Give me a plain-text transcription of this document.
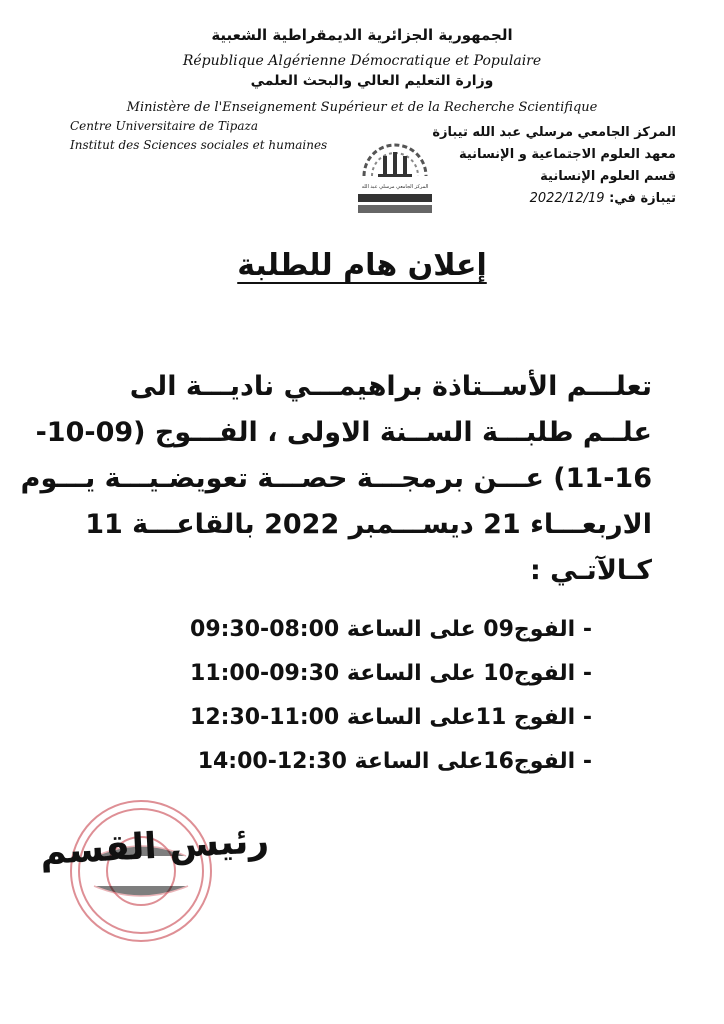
الجمهورية الجزائرية الديمقراطية الشعبية
République Algérienne Démocratique et Populaire
وزارة التعليم العالي والبحث العلمي
Ministère de l'Enseignement Supérieur et de la Recherche Scientifique
Centre Universitaire de Tipaza
Institut des Sciences sociales et humaines
المركز الجامعي مرسلي عبد الله تيبازة
معهد العلوم الاجتماعية و الإنسانية
قسم العلوم الإنسانية
تيبازة في: 2022/12/19
المركز الجامعي مرسلي عبد الله
إعلان هام للطلبة
تعلـــم الأســتاذة براهيمـــي ناديـــة الى
علــم طلبـــة الســنة الاولى ، الفـــوج (09-10-
11-16) عـــن برمجـــة حصـــة تعويضـيـــة يـــوم
الاربعـــاء 21 ديســـمبر 2022 بالقاعـــة 11
كـالآتـي :
- الفوج09 على الساعة 08:00-09:30
- الفوج10 على الساعة 09:30-11:00
- الفوج 11على الساعة 11:00-12:30
- الفوج16على الساعة 12:30-14:00
رئيس القسم
